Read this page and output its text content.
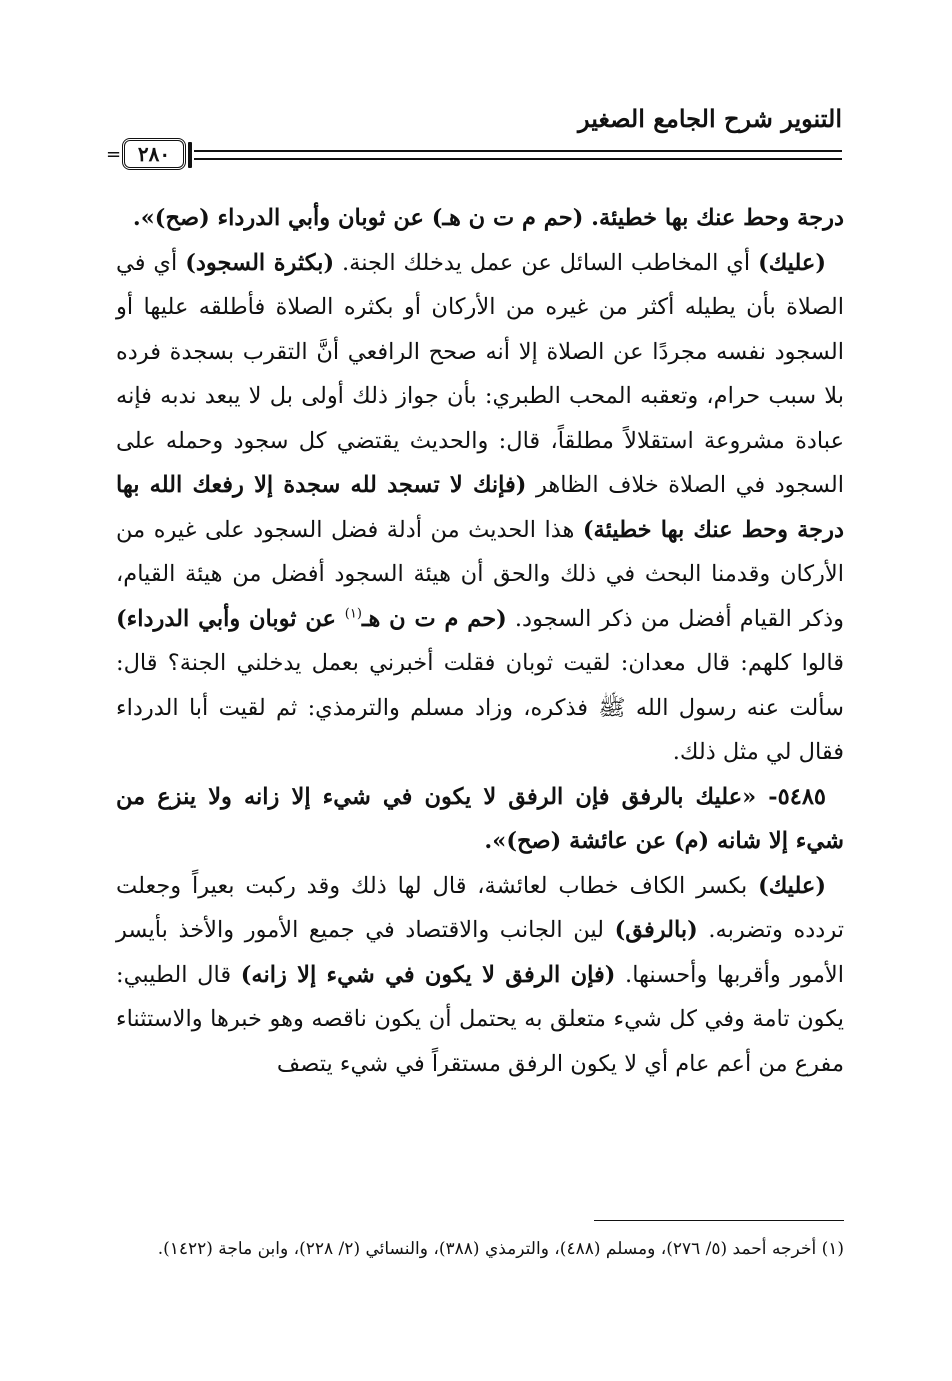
التنوير شرح الجامع الصغير
= ٢٨٠

درجة وحط عنك بها خطيئة. (حم م ت ن هـ) عن ثوبان وأبي الدرداء (صح)».

(عليك) أي المخاطب السائل عن عمل يدخلك الجنة. (بكثرة السجود) أي في الصلاة بأن يطيله أكثر من غيره من الأركان أو بكثره الصلاة فأطلقه عليها أو السجود نفسه مجردًا عن الصلاة إلا أنه صحح الرافعي أنَّ التقرب بسجدة فرده بلا سبب حرام، وتعقبه المحب الطبري: بأن جواز ذلك أولى بل لا يبعد ندبه فإنه عبادة مشروعة استقلالاً مطلقاً، قال: والحديث يقتضي كل سجود وحمله على السجود في الصلاة خلاف الظاهر (فإنك لا تسجد لله سجدة إلا رفعك الله بها درجة وحط عنك بها خطيئة) هذا الحديث من أدلة فضل السجود على غيره من الأركان وقدمنا البحث في ذلك والحق أن هيئة السجود أفضل من هيئة القيام، وذكر القيام أفضل من ذكر السجود. (حم م ت ن هـ$^{(١)}$ عن ثوبان وأبي الدرداء) قالوا كلهم: قال معدان: لقيت ثوبان فقلت أخبرني بعمل يدخلني الجنة؟ قال: سألت عنه رسول الله ﷺ فذكره، وزاد مسلم والترمذي: ثم لقيت أبا الدرداء فقال لي مثل ذلك.

٥٤٨٥- «عليك بالرفق فإن الرفق لا يكون في شيء إلا زانه ولا ينزع من شيء إلا شانه (م) عن عائشة (صح)».

(عليك) بكسر الكاف خطاب لعائشة، قال لها ذلك وقد ركبت بعيراً وجعلت تردده وتضربه. (بالرفق) لين الجانب والاقتصاد في جميع الأمور والأخذ بأيسر الأمور وأقربها وأحسنها. (فإن الرفق لا يكون في شيء إلا زانه) قال الطيبي: يكون تامة وفي كل شيء متعلق به يحتمل أن يكون ناقصه وهو خبرها والاستثناء مفرع من أعم عام أي لا يكون الرفق مستقراً في شيء يتصف

(١) أخرجه أحمد (٥/ ٢٧٦)، ومسلم (٤٨٨)، والترمذي (٣٨٨)، والنسائي (٢/ ٢٢٨)، وابن ماجة (١٤٢٢).
